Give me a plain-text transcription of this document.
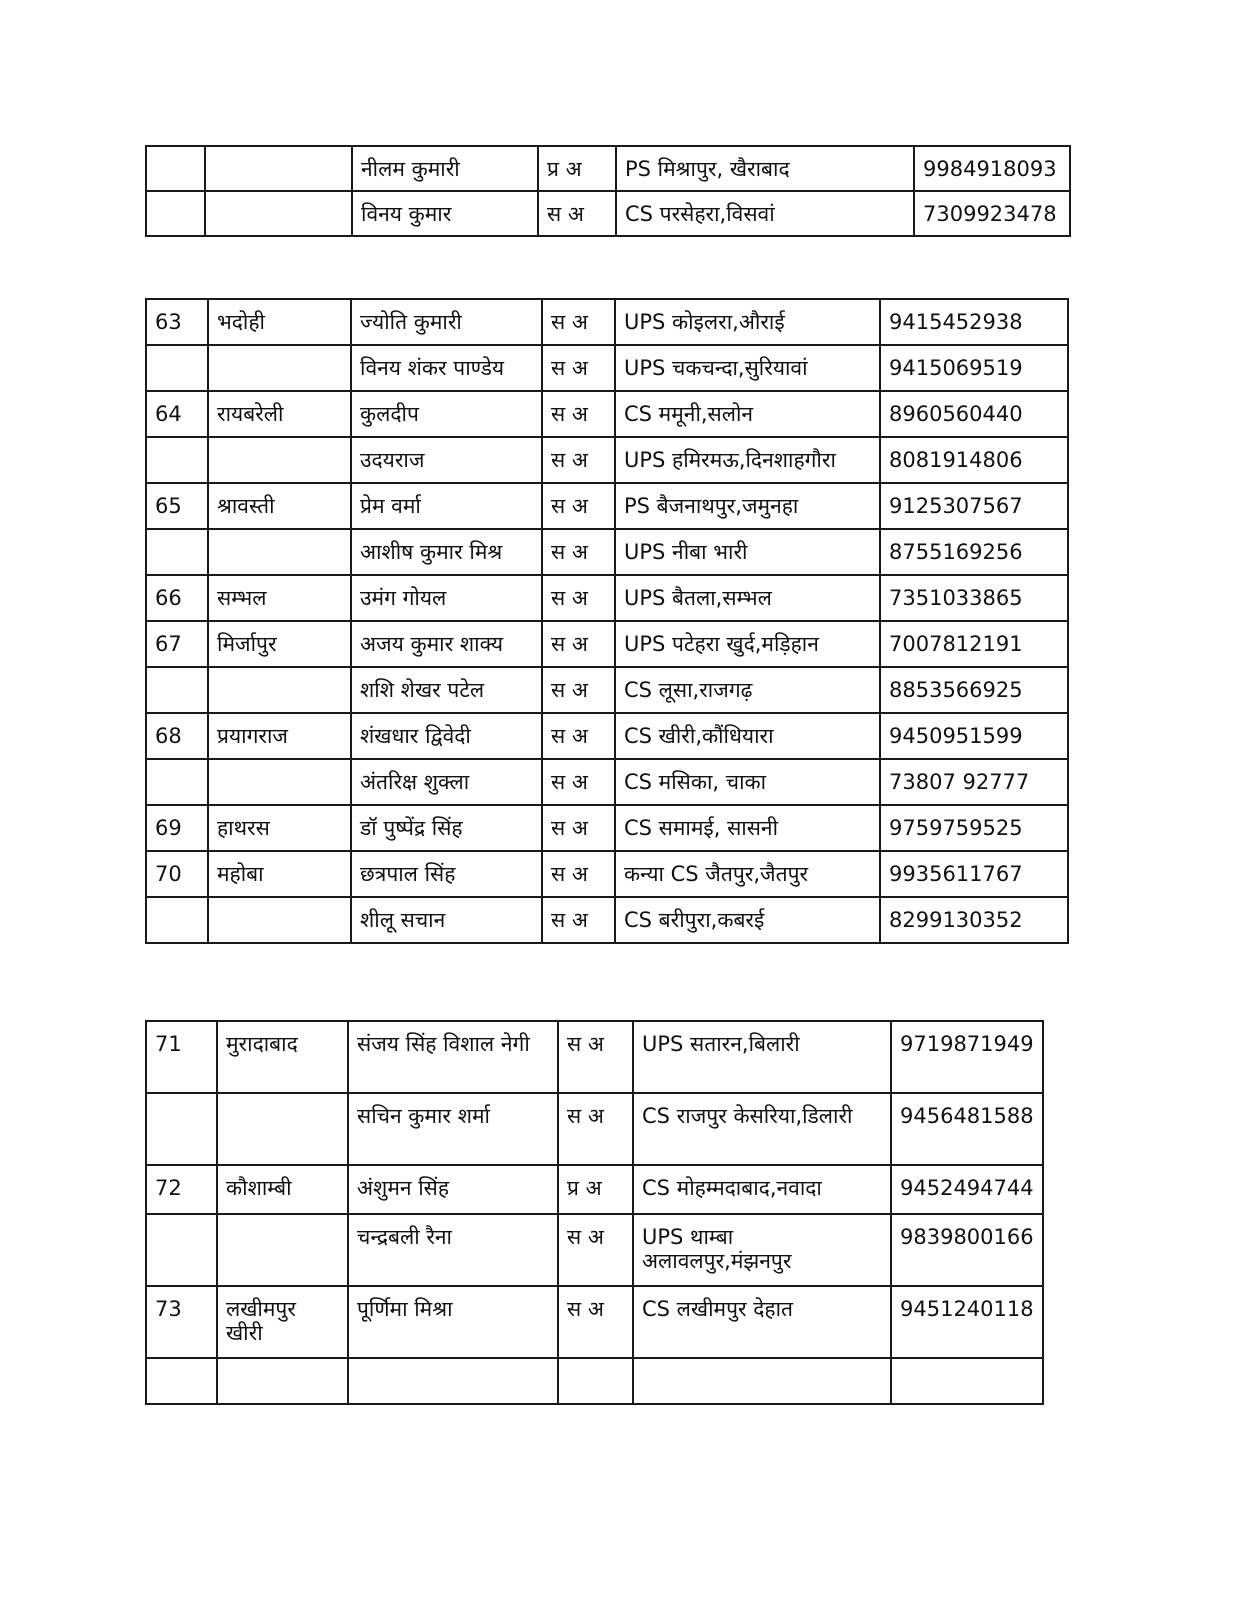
		नीलम कुमारी	प्र अ	PS मिश्रापुर, खैराबाद	9984918093
		विनय कुमार	स अ	CS परसेहरा,विसवां	7309923478
63	भदोही	ज्योति कुमारी	स अ	UPS कोइलरा,औराई	9415452938
		विनय शंकर पाण्डेय	स अ	UPS चकचन्दा,सुरियावां	9415069519
64	रायबरेली	कुलदीप	स अ	CS ममूनी,सलोन	8960560440
		उदयराज	स अ	UPS हमिरमऊ,दिनशाहगौरा	8081914806
65	श्रावस्ती	प्रेम वर्मा	स अ	PS बैजनाथपुर,जमुनहा	9125307567
		आशीष कुमार मिश्र	स अ	UPS नीबा भारी	8755169256
66	सम्भल	उमंग गोयल	स अ	UPS बैतला,सम्भल	7351033865
67	मिर्जापुर	अजय कुमार शाक्य	स अ	UPS पटेहरा खुर्द,मड़िहान	7007812191
		शशि शेखर पटेल	स अ	CS लूसा,राजगढ़	8853566925
68	प्रयागराज	शंखधार द्विवेदी	स अ	CS खीरी,कौंधियारा	9450951599
		अंतरिक्ष शुक्ला	स अ	CS मसिका, चाका	73807 92777
69	हाथरस	डॉ पुष्पेंद्र सिंह	स अ	CS समामई, सासनी	9759759525
70	महोबा	छत्रपाल सिंह	स अ	कन्या CS जैतपुर,जैतपुर	9935611767
		शीलू सचान	स अ	CS बरीपुरा,कबरई	8299130352
71	मुरादाबाद	संजय सिंह विशाल नेगी	स अ	UPS सतारन,बिलारी	9719871949
		सचिन कुमार शर्मा	स अ	CS राजपुर केसरिया,डिलारी	9456481588
72	कौशाम्बी	अंशुमन सिंह	प्र अ	CS मोहम्मदाबाद,नवादा	9452494744
		चन्द्रबली रैना	स अ	UPS थाम्बा अलावलपुर,मंझनपुर	9839800166
73	लखीमपुर खीरी	पूर्णिमा मिश्रा	स अ	CS लखीमपुर देहात	9451240118
